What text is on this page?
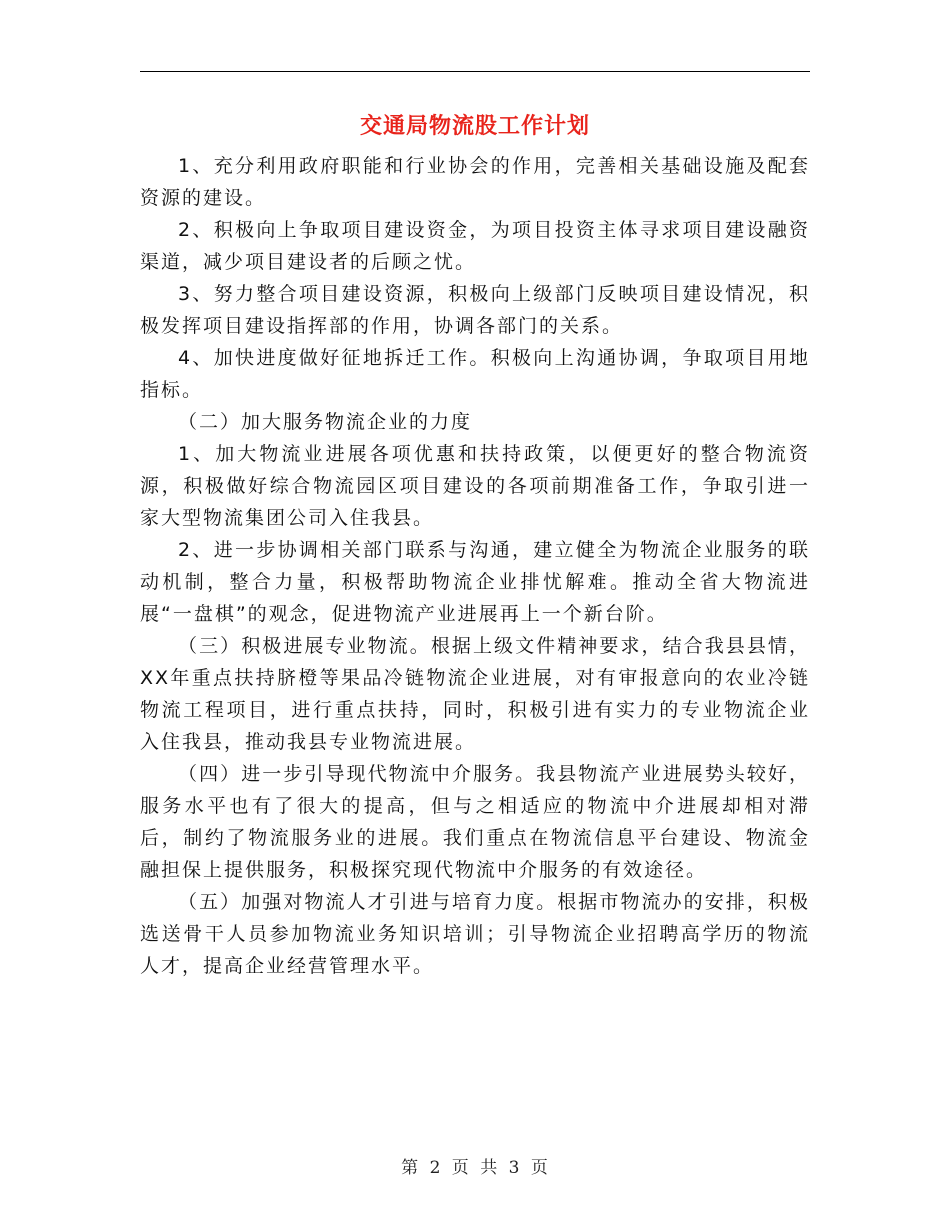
交通局物流股工作计划

1、充分利用政府职能和行业协会的作用，完善相关基础设施及配套资源的建设。

2、积极向上争取项目建设资金，为项目投资主体寻求项目建设融资渠道，减少项目建设者的后顾之忧。

3、努力整合项目建设资源，积极向上级部门反映项目建设情况，积极发挥项目建设指挥部的作用，协调各部门的关系。

4、加快进度做好征地拆迁工作。积极向上沟通协调，争取项目用地指标。

（二）加大服务物流企业的力度

1、加大物流业进展各项优惠和扶持政策，以便更好的整合物流资源，积极做好综合物流园区项目建设的各项前期准备工作，争取引进一家大型物流集团公司入住我县。

2、进一步协调相关部门联系与沟通，建立健全为物流企业服务的联动机制，整合力量，积极帮助物流企业排忧解难。推动全省大物流进展“一盘棋”的观念，促进物流产业进展再上一个新台阶。

（三）积极进展专业物流。根据上级文件精神要求，结合我县县情，XX年重点扶持脐橙等果品冷链物流企业进展，对有审报意向的农业冷链物流工程项目，进行重点扶持，同时，积极引进有实力的专业物流企业入住我县，推动我县专业物流进展。

（四）进一步引导现代物流中介服务。我县物流产业进展势头较好，服务水平也有了很大的提高，但与之相适应的物流中介进展却相对滞后，制约了物流服务业的进展。我们重点在物流信息平台建设、物流金融担保上提供服务，积极探究现代物流中介服务的有效途径。

（五）加强对物流人才引进与培育力度。根据市物流办的安排，积极选送骨干人员参加物流业务知识培训；引导物流企业招聘高学历的物流人才，提高企业经营管理水平。

第 2 页 共 3 页
